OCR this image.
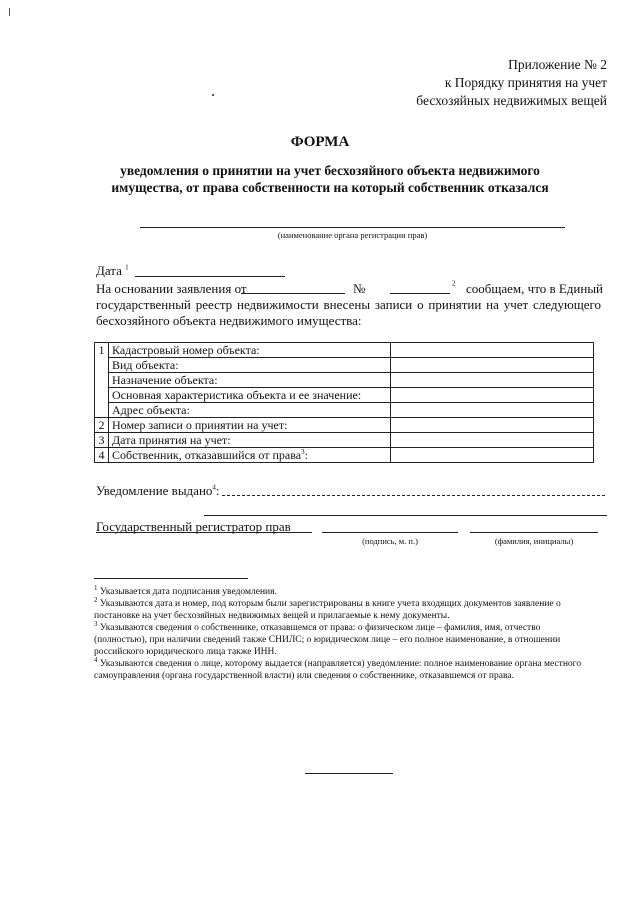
Приложение № 2
к Порядку принятия на учет
бесхозяйных недвижимых вещей
ФОРМА
уведомления о принятии на учет бесхозяйного объекта недвижимого
имущества, от права собственности на который собственник отказался
(наименование органа регистрации прав)
Дата $^1$
На основании заявления от	№	$^2$ сообщаем, что в Единый
государственный реестр недвижимости внесены записи о принятии на учет следующего
бесхозяйного объекта недвижимого имущества:
1	Кадастровый номер объекта:	
	Вид объекта:	
	Назначение объекта:	
	Основная характеристика объекта и ее значение:	
	Адрес объекта:	
2	Номер записи о принятии на учет:	
3	Дата принятия на учет:	
4	Собственник, отказавшийся от права$^3$:	
Уведомление выдано$^4$:
Государственный регистратор прав
(подпись, м. п.)	(фамилия, инициалы)

$^1$ Указывается дата подписания уведомления.

$^2$ Указываются дата и номер, под которым были зарегистрированы в книге учета входящих документов заявление о постановке на учет бесхозяйных недвижимых вещей и прилагаемые к нему документы.

$^3$ Указываются сведения о собственнике, отказавшемся от права: о физическом лице – фамилия, имя, отчество (полностью), при наличии сведений также СНИЛС; о юридическом лице – его полное наименование, в отношении российского юридического лица также ИНН.

$^4$ Указываются сведения о лице, которому выдается (направляется) уведомление: полное наименование органа местного самоуправления (органа государственной власти) или сведения о собственнике, отказавшемся от права.
